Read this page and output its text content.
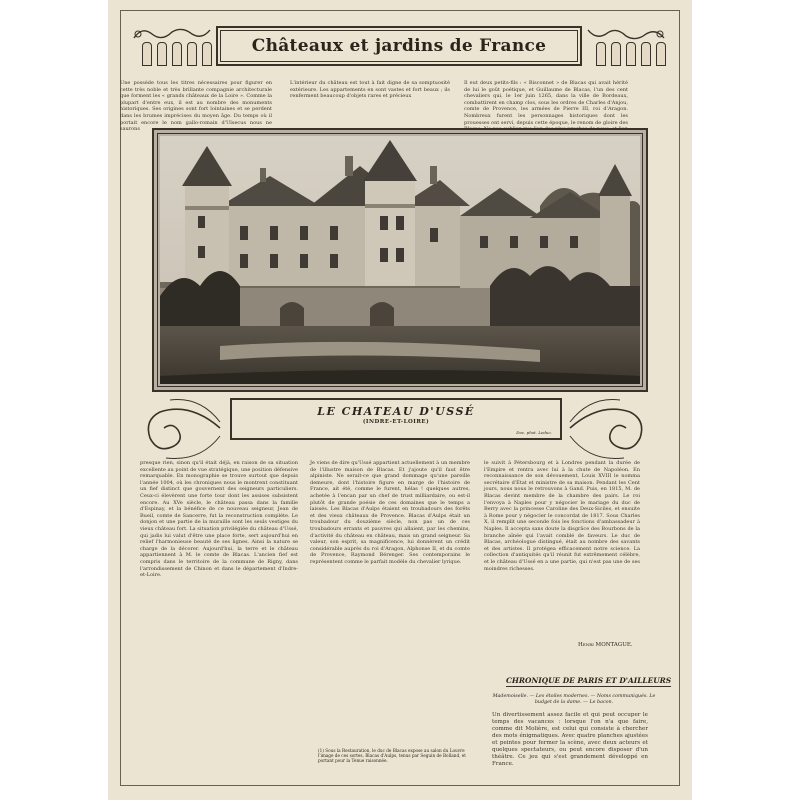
Châteaux et jardins de France

Une possède tous les titres nécessaires pour figurer en cette très noble et très brillante compagnie architecturale que forment les « grands châteaux de la Loire ». Comme la plupart d'entre eux, il est au nombre des monuments historiques. Ses origines sont fort lointaines et se perdent dans les brumes imprécises du moyen âge. Du temps où il portait encore le nom gallo-romain d'Ulsecus nous ne saurons

L'intérieur du château est tout à fait digne de sa somptuosité extérieure. Les appartements en sont vastes et fort beaux ; ils renferment beaucoup d'objets rares et précieux

Il eut deux petits-fils : « Bisconnet » de Blacas qui avait hérité de lui le goût poétique, et Guillaume de Blacas, l'un des cent chevaliers qui, le 1er juin 1265, dans la ville de Bordeaux, combattirent en champ clos, sous les ordres de Charles d'Anjou, comte de Provence, les armées de Pierre III, roi d'Aragon. Nombreux furent les personnages historiques dont les prouesses ont servi, depuis cette époque, le renom de gloire des

LE CHATEAU D'USSÉ
(INDRE-ET-LOIRE)
Doc. phot. Leduc.

presque rien, sinon qu'il était déjà, en raison de sa situation excellente au point de vue stratégique, une position défensive remarquable. En monographie se trouve surtout que depuis l'année 1004, où les chroniques nous le montrent constituant un fief distinct que gouvernent des seigneurs particuliers. Ceux-ci élevèrent une forte tour dont les assises subsistent encore. Au XVe siècle, le château passa dans la famille d'Espinay, et la bénéfice de ce nouveau seigneur, Jean de Bueil, comte de Sancerre, fut la reconstruction complète. Le donjon et une partie de la muraille sont les seuls vestiges du vieux château fort. La situation privilégiée du château d'Ussé, qui jadis lui valut d'être une place forte, sert aujourd'hui en relief l'harmonieuse beauté de ses lignes. Ainsi la nature se charge de la décorer. Aujourd'hui, la terre et le château appartiennent à M. le comte de Blacas. L'ancien fief est compris dans le territoire de la commune de Rigny, dans l'arrondissement de Chinon et dans le département d'Indre-et-Loire.

Je viens de dire qu'Ussé appartient actuellement à un membre de l'illustre maison de Blacas. Et j'ajoute qu'il faut être alpiniste. Ne serait-ce que grand dommage qu'une pareille demeure, dont l'histoire figure en marge de l'histoire de France, ait été, comme le furent, hélas ! quelques autres, achetée à l'encan par un chef de trust milliardaire, ou est-il plutôt de grande poésie de ces domaines que le temps a laissés. Les Blacas d'Aulps étaient en troubadours des forêts et des vieux châteaux de Provence. Blacas d'Aulps était un troubadour du douzième siècle, non pas un de ces troubadours errants et pauvres qui allaient, par les chemins, d'activité du château en château, mais un grand seigneur. Sa valeur, son esprit, sa magnificence, lui donnèrent un crédit considérable auprès du roi d'Aragon, Alphonse II, et du comte de Provence, Raymond Bérenger. Ses contemporains le représentent comme le parfait modèle du chevalier lyrique.

(1) Sous la Restauration, le duc de Blacas expose au salon du Louvre l'image de ces sortes, Blacas d'Aulps, tenus par Seguin de Bolland, et portant pour la Tenue raisonnée.

le suivit à Pétersbourg et à Londres pendant la durée de l'Empire et rentra avec lui à la chute de Napoléon. En reconnaissance de son dévouement, Louis XVIII le nomma secrétaire d'État et ministre de sa maison. Pendant les Cent jours, nous nous le retrouvons à Gand. Puis, en 1815, M. de Blacas devint membre de la chambre des pairs. Le roi l'envoya à Naples pour y négocier le mariage du duc de Berry avec la princesse Caroline des Deux-Siciles, et ensuite à Rome pour y négocier le concordat de 1817. Sous Charles X, il remplit une seconde fois les fonctions d'ambassadeur à Naples. Il accepta sans doute la disgrâce des Bourbons de la branche aînée qui l'avait comblé de faveurs. Le duc de Blacas, archéologue distingué, était au nombre des savants et des artistes. Il protégea efficacement notre science. La collection d'antiquités qu'il réunit fut extrêmement célèbre, et le château d'Ussé en a une partie, qui n'est pas une de ses moindres richesses.

Henri MONTAGUE.
CHRONIQUE DE PARIS ET D'AILLEURS
Mademoiselle. — Les étoiles modernes. — Noms communiqués. Le budget de la dame. — Le bacon.

Un divertissement assez facile et qui peut occuper le temps des vacances : lorsque l'on n'a que faire, comme dit Molière, est celui qui consiste à chercher des mots énigmatiques. Avec quatre planches ajustées et peintes pour fermer la scène, avec deux acteurs et quelques spectateurs, ou peut encore disposer d'un théâtre. Ce jeu qui s'est grandement développé en France.
